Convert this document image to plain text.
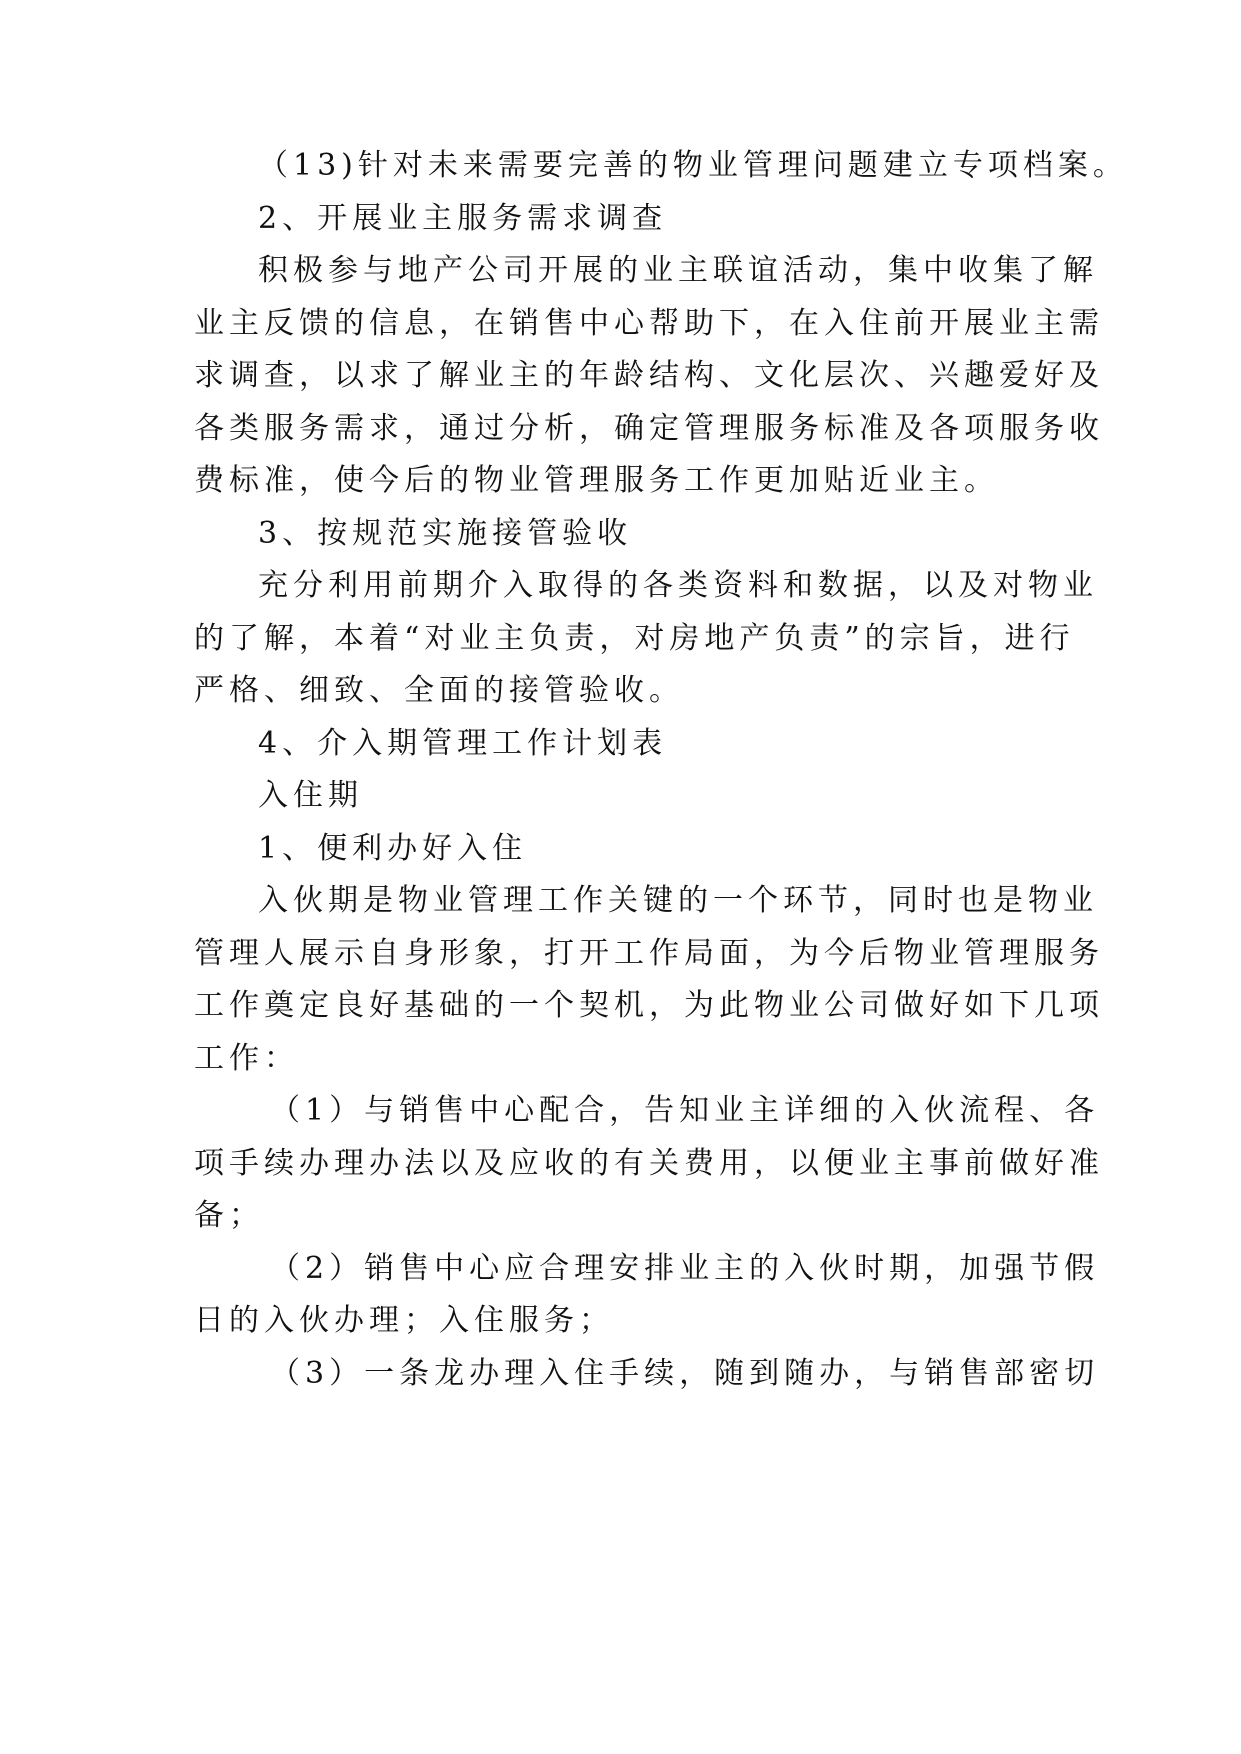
（13)针对未来需要完善的物业管理问题建立专项档案。
2、开展业主服务需求调查
积极参与地产公司开展的业主联谊活动，集中收集了解
业主反馈的信息，在销售中心帮助下，在入住前开展业主需
求调查，以求了解业主的年龄结构、文化层次、兴趣爱好及
各类服务需求，通过分析，确定管理服务标准及各项服务收
费标准，使今后的物业管理服务工作更加贴近业主。
3、按规范实施接管验收
充分利用前期介入取得的各类资料和数据，以及对物业
的了解，本着“对业主负责，对房地产负责”的宗旨，进行
严格、细致、全面的接管验收。
4、介入期管理工作计划表
入住期
1、便利办好入住
入伙期是物业管理工作关键的一个环节，同时也是物业
管理人展示自身形象，打开工作局面，为今后物业管理服务
工作奠定良好基础的一个契机，为此物业公司做好如下几项
工作：
（1）与销售中心配合，告知业主详细的入伙流程、各
项手续办理办法以及应收的有关费用，以便业主事前做好准
备；
（2）销售中心应合理安排业主的入伙时期，加强节假
日的入伙办理；入住服务；
（3）一条龙办理入住手续，随到随办，与销售部密切
